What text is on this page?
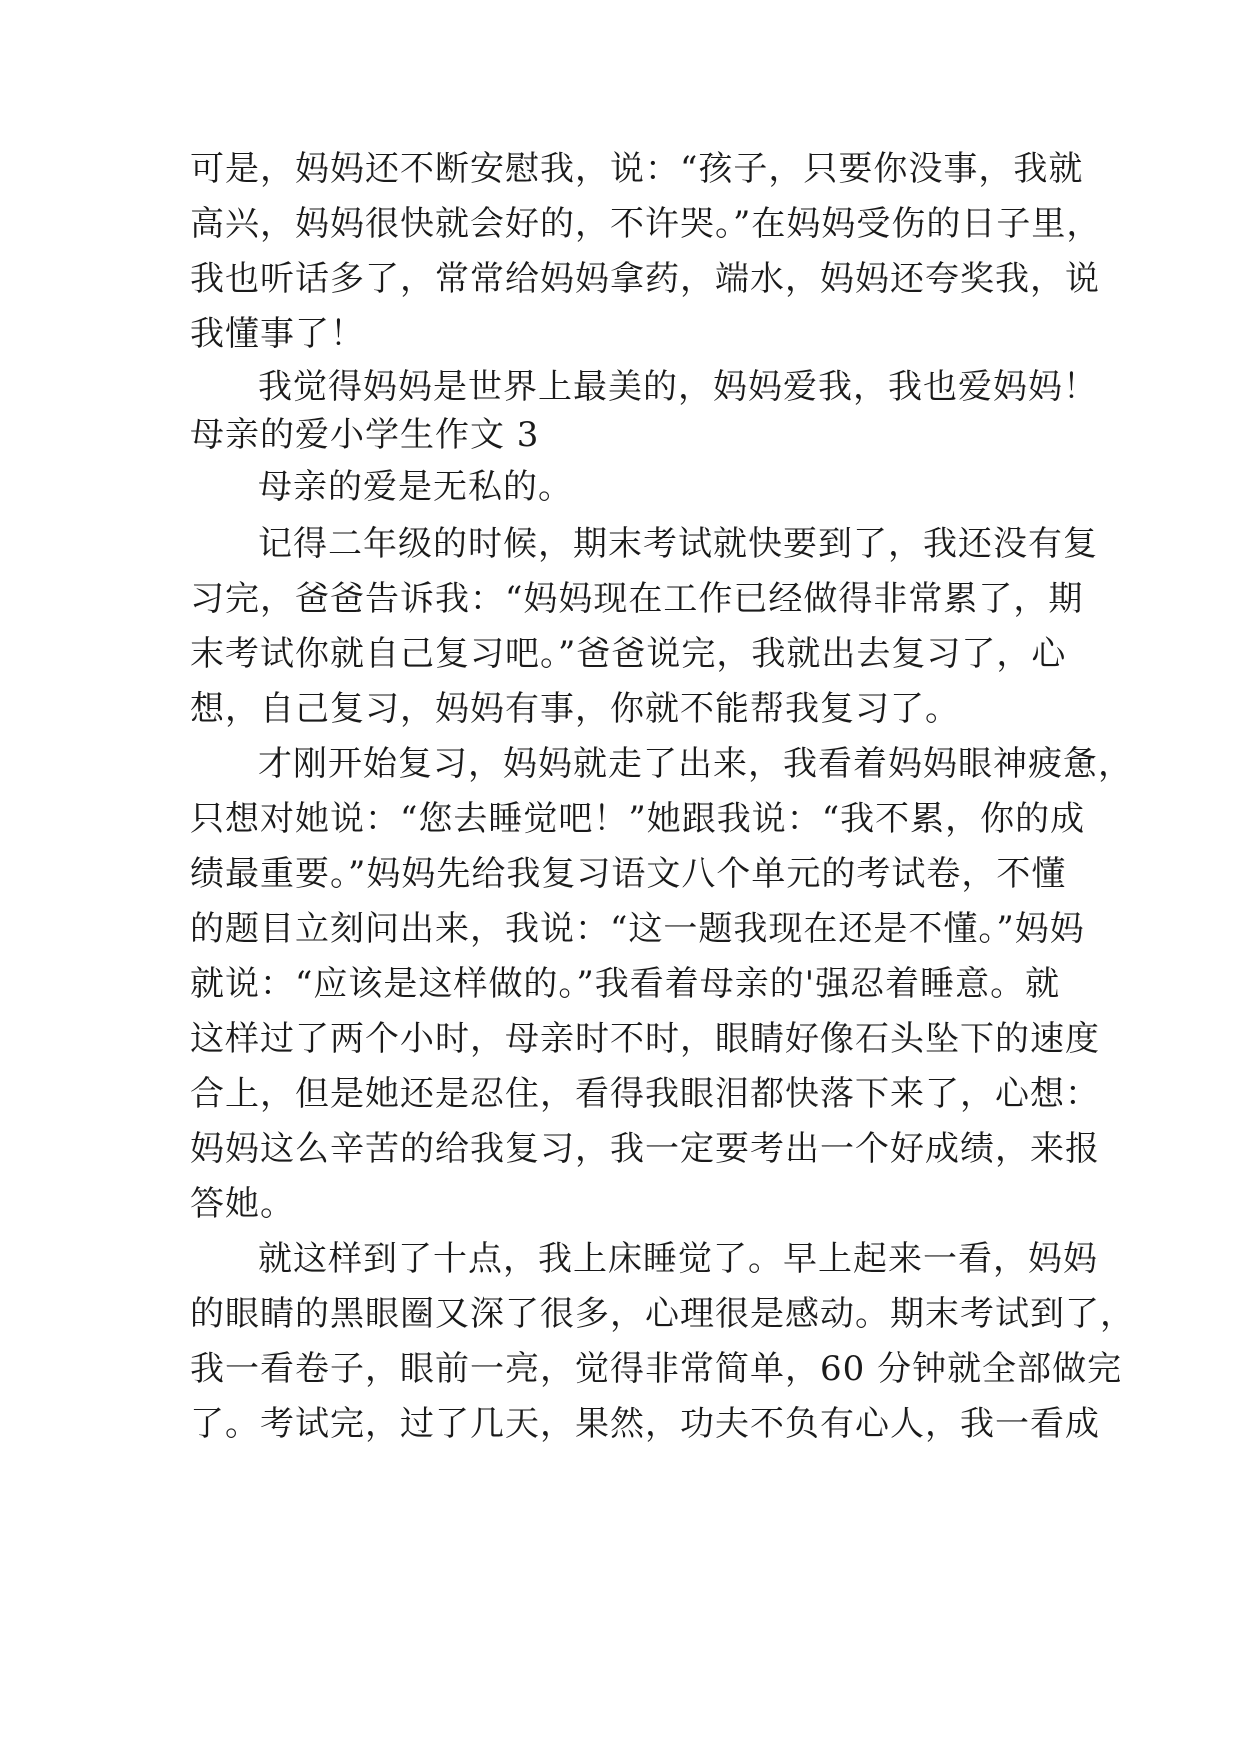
可是，妈妈还不断安慰我，说：“孩子，只要你没事，我就
高兴，妈妈很快就会好的，不许哭。”在妈妈受伤的日子里，
我也听话多了，常常给妈妈拿药，端水，妈妈还夸奖我，说
我懂事了！
我觉得妈妈是世界上最美的，妈妈爱我，我也爱妈妈！
母亲的爱小学生作文 3
母亲的爱是无私的。
记得二年级的时候，期末考试就快要到了，我还没有复
习完，爸爸告诉我：“妈妈现在工作已经做得非常累了，期
末考试你就自己复习吧。”爸爸说完，我就出去复习了，心
想，自己复习，妈妈有事，你就不能帮我复习了。
才刚开始复习，妈妈就走了出来，我看着妈妈眼神疲惫，
只想对她说：“您去睡觉吧！”她跟我说：“我不累，你的成
绩最重要。”妈妈先给我复习语文八个单元的考试卷，不懂
的题目立刻问出来，我说：“这一题我现在还是不懂。”妈妈
就说：“应该是这样做的。”我看着母亲的'强忍着睡意。就
这样过了两个小时，母亲时不时，眼睛好像石头坠下的速度
合上，但是她还是忍住，看得我眼泪都快落下来了，心想：
妈妈这么辛苦的给我复习，我一定要考出一个好成绩，来报
答她。
就这样到了十点，我上床睡觉了。早上起来一看，妈妈
的眼睛的黑眼圈又深了很多，心理很是感动。期末考试到了，
我一看卷子，眼前一亮，觉得非常简单，60 分钟就全部做完
了。考试完，过了几天，果然，功夫不负有心人，我一看成
